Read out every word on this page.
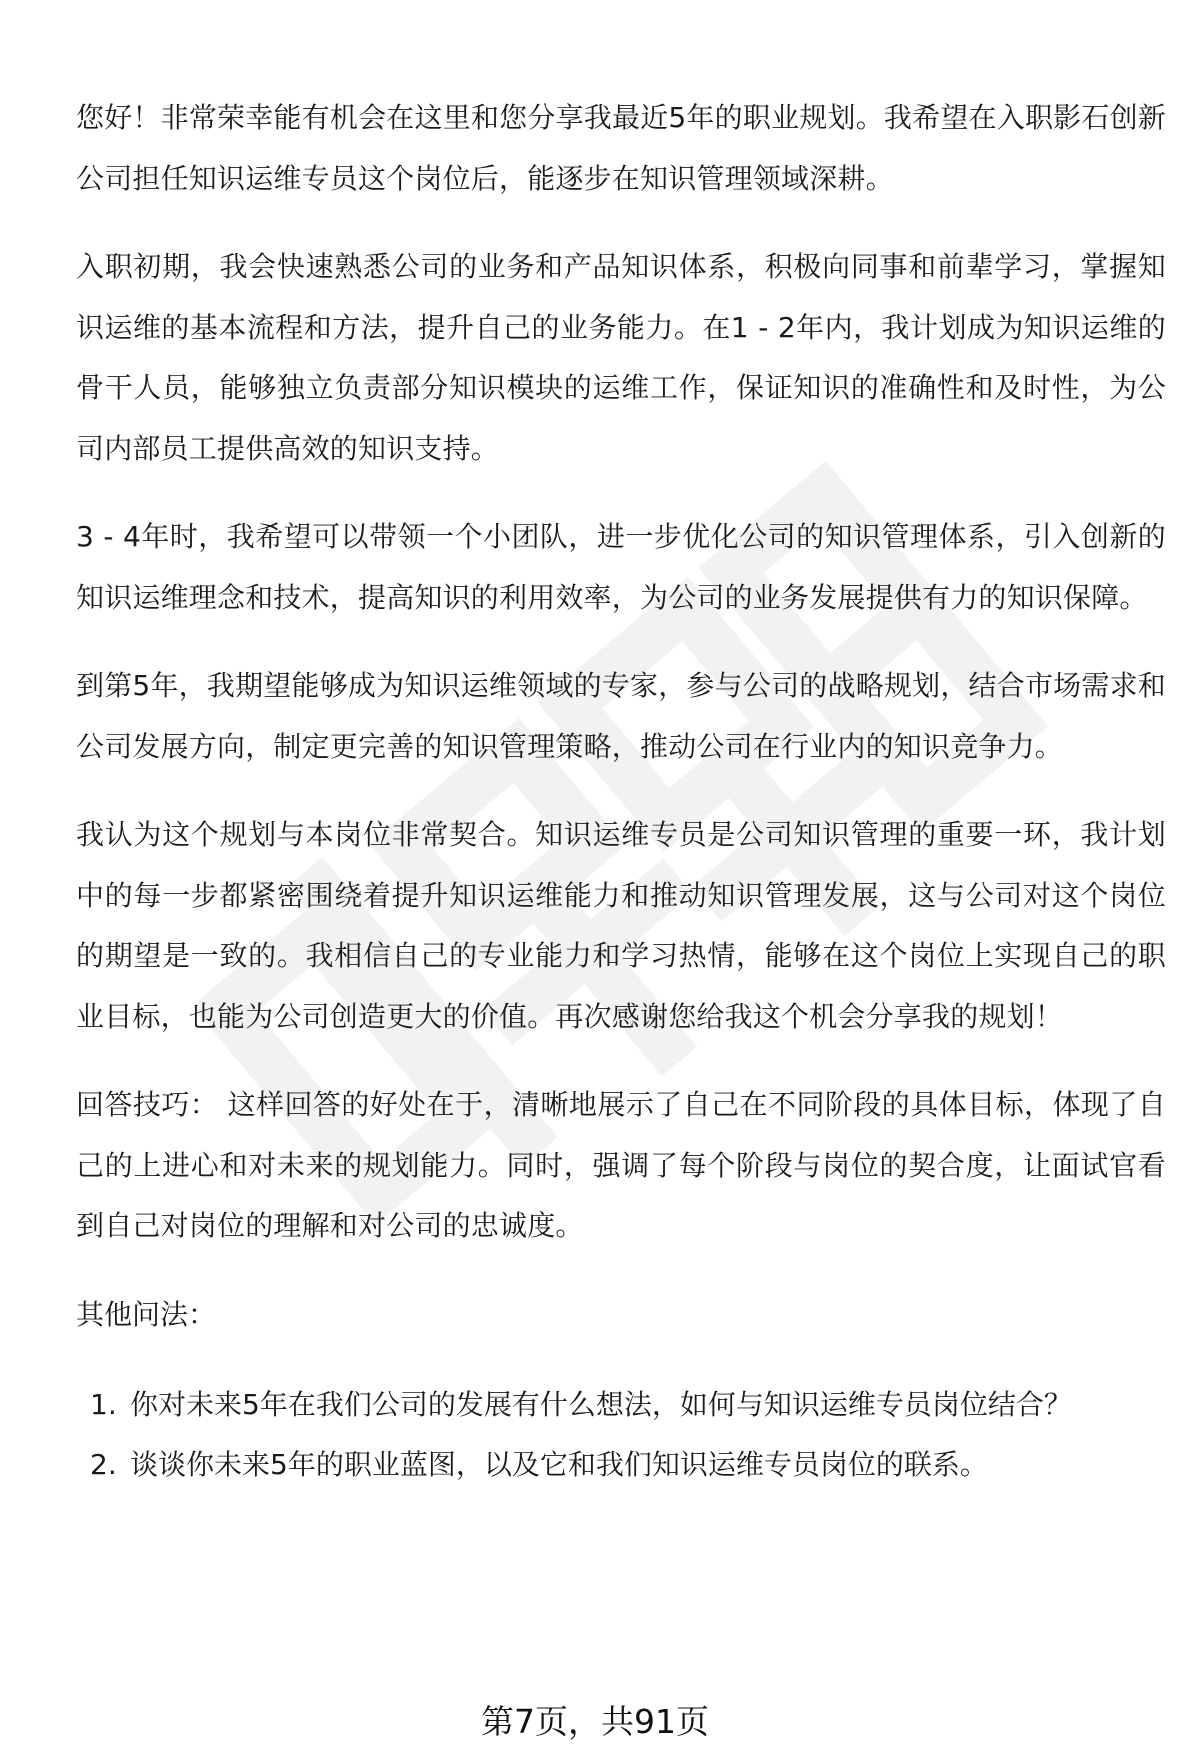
您好！非常荣幸能有机会在这里和您分享我最近5年的职业规划。我希望在入职影石创新公司担任知识运维专员这个岗位后，能逐步在知识管理领域深耕。

入职初期，我会快速熟悉公司的业务和产品知识体系，积极向同事和前辈学习，掌握知识运维的基本流程和方法，提升自己的业务能力。在1 - 2年内，我计划成为知识运维的骨干人员，能够独立负责部分知识模块的运维工作，保证知识的准确性和及时性，为公司内部员工提供高效的知识支持。

3 - 4年时，我希望可以带领一个小团队，进一步优化公司的知识管理体系，引入创新的知识运维理念和技术，提高知识的利用效率，为公司的业务发展提供有力的知识保障。

到第5年，我期望能够成为知识运维领域的专家，参与公司的战略规划，结合市场需求和公司发展方向，制定更完善的知识管理策略，推动公司在行业内的知识竞争力。

我认为这个规划与本岗位非常契合。知识运维专员是公司知识管理的重要一环，我计划中的每一步都紧密围绕着提升知识运维能力和推动知识管理发展，这与公司对这个岗位的期望是一致的。我相信自己的专业能力和学习热情，能够在这个岗位上实现自己的职业目标，也能为公司创造更大的价值。再次感谢您给我这个机会分享我的规划！

回答技巧： 这样回答的好处在于，清晰地展示了自己在不同阶段的具体目标，体现了自己的上进心和对未来的规划能力。同时，强调了每个阶段与岗位的契合度，让面试官看到自己对岗位的理解和对公司的忠诚度。

其他问法：

1. 你对未来5年在我们公司的发展有什么想法，如何与知识运维专员岗位结合？
2. 谈谈你未来5年的职业蓝图，以及它和我们知识运维专员岗位的联系。
第7页，共91页
